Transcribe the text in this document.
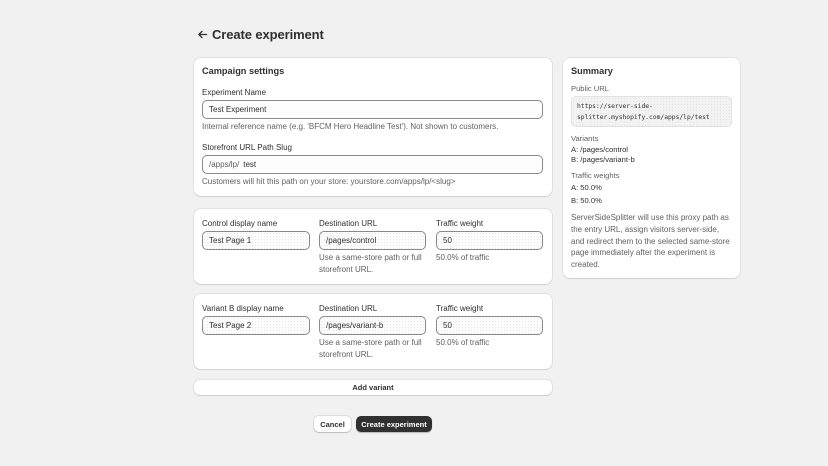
Create experiment
Campaign settings
Experiment Name
Test Experiment
Internal reference name (e.g. 'BFCM Hero Headline Test'). Not shown to customers.
Storefront URL Path Slug
/apps/lp/ test
Customers will hit this path on your store: yourstore.com/apps/lp/<slug>
Control display name
Test Page 1
Destination URL
/pages/control
Use a same-store path or full
storefront URL.
Traffic weight
50
50.0% of traffic
Variant B display name
Test Page 2
Destination URL
/pages/variant-b
Use a same-store path or full
storefront URL.
Traffic weight
50
50.0% of traffic
Add variant
Cancel	Create experiment
Summary
Public URL
https://server-side-
splitter.myshopify.com/apps/lp/test
Variants
A: /pages/control
B: /pages/variant-b
Traffic weights
A: 50.0%
B: 50.0%
ServerSideSplitter will use this proxy path as
the entry URL, assign visitors server-side,
and redirect them to the selected same-store
page immediately after the experiment is
created.
